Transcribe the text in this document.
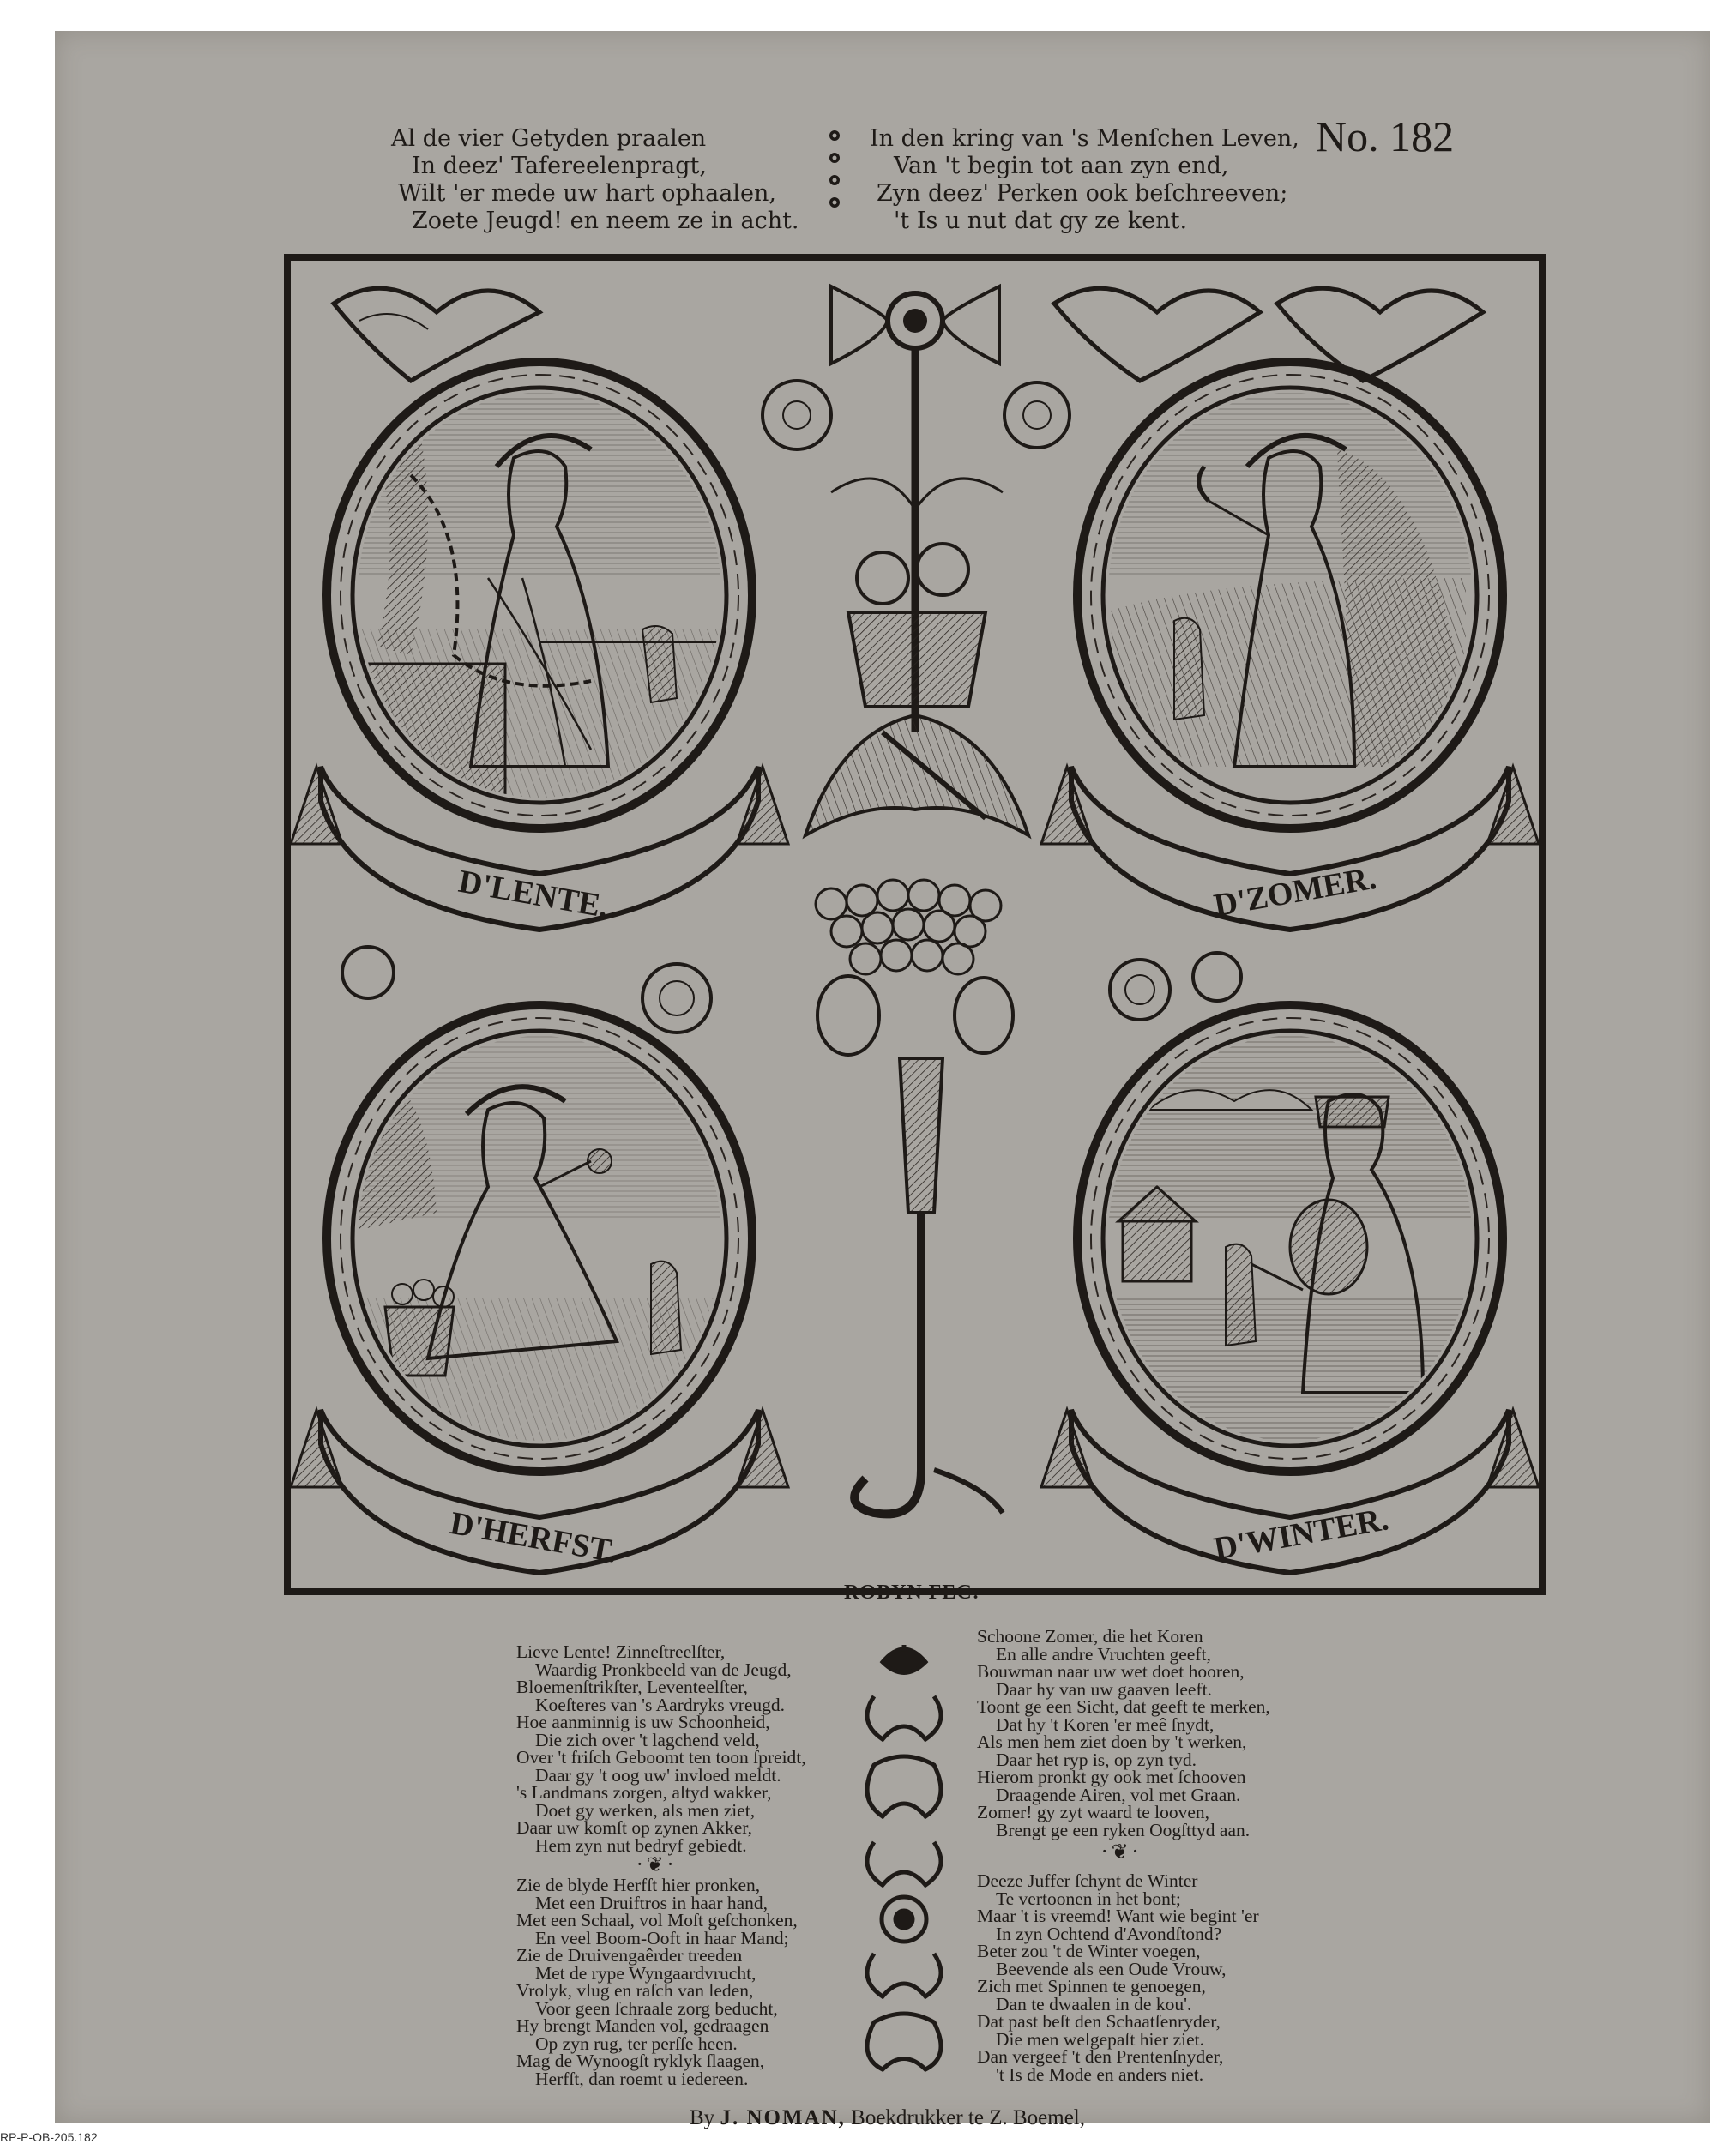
Al de vier Getyden praalen
In deez' Tafereelenpragt,
Wilt 'er mede uw hart ophaalen,
Zoete Jeugd! en neem ze in acht.
In den kring van 's Menſchen Leven,
Van 't begin tot aan zyn end,
Zyn deez' Perken ook beſchreeven;
't Is u nut dat gy ze kent.
No. 182
D'LENTE.	D'ZOMER.
D'HERFST.	D'WINTER.
ROBYN FEC:
Lieve Lente! Zinneſtreelſter,
Waardig Pronkbeeld van de Jeugd,
Bloemenſtrikſter, Leventeelſter,
Koeſteres van 's Aardryks vreugd.
Hoe aanminnig is uw Schoonheid,
Die zich over 't lagchend veld,
Over 't friſch Geboomt ten toon ſpreidt,
Daar gy 't oog uw' invloed meldt.
's Landmans zorgen, altyd wakker,
Doet gy werken, als men ziet,
Daar uw komſt op zynen Akker,
Hem zyn nut bedryf gebiedt.
·❦·
Zie de blyde Herfſt hier pronken,
Met een Druiftros in haar hand,
Met een Schaal, vol Moſt geſchonken,
En veel Boom-Ooft in haar Mand;
Zie de Druivengaêrder treeden
Met de rype Wyngaardvrucht,
Vrolyk, vlug en raſch van leden,
Voor geen ſchraale zorg beducht,
Hy brengt Manden vol, gedraagen
Op zyn rug, ter perſſe heen.
Mag de Wynoogſt ryklyk ſlaagen,
Herfſt, dan roemt u iedereen.
Schoone Zomer, die het Koren
En alle andre Vruchten geeft,
Bouwman naar uw wet doet hooren,
Daar hy van uw gaaven leeft.
Toont ge een Sicht, dat geeft te merken,
Dat hy 't Koren 'er meê ſnydt,
Als men hem ziet doen by 't werken,
Daar het ryp is, op zyn tyd.
Hierom pronkt gy ook met ſchooven
Draagende Airen, vol met Graan.
Zomer! gy zyt waard te looven,
Brengt ge een ryken Oogſttyd aan.
·❦·
Deeze Juffer ſchynt de Winter
Te vertoonen in het bont;
Maar 't is vreemd! Want wie begint 'er
In zyn Ochtend d'Avondſtond?
Beter zou 't de Winter voegen,
Beevende als een Oude Vrouw,
Zich met Spinnen te genoegen,
Dan te dwaalen in de kou'.
Dat past beſt den Schaatſenryder,
Die men welgepaſt hier ziet.
Dan vergeef 't den Prentenſnyder,
't Is de Mode en anders niet.
By J. NOMAN, Boekdrukker te Z. Boemel,
RP-P-OB-205.182
